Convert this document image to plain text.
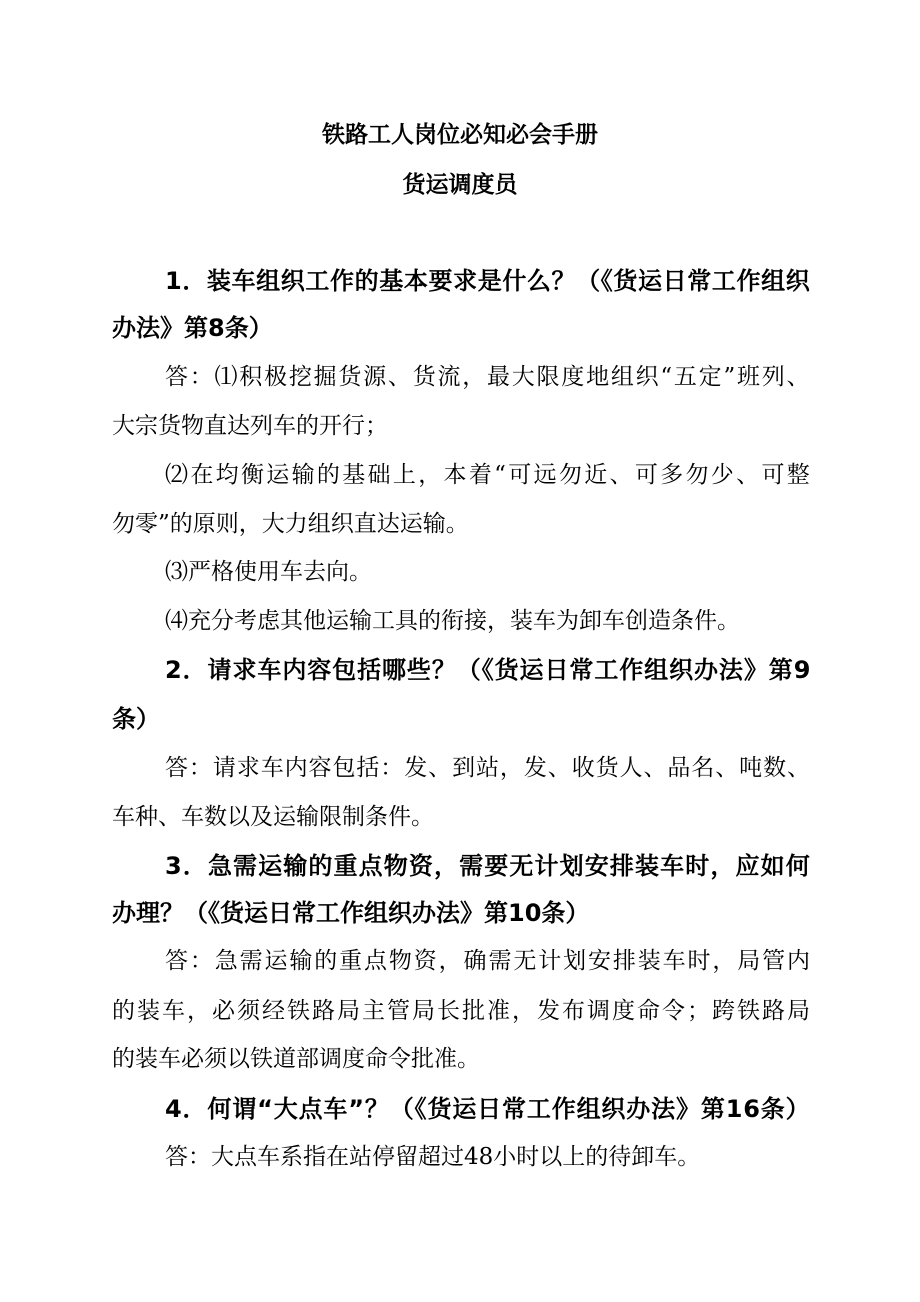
铁路工人岗位必知必会手册
货运调度员
1．装车组织工作的基本要求是什么？（《货运日常工作组织
办法》第8条）
答：⑴积极挖掘货源、货流，最大限度地组织“五定”班列、
大宗货物直达列车的开行；
⑵在均衡运输的基础上，本着“可远勿近、可多勿少、可整
勿零”的原则，大力组织直达运输。
⑶严格使用车去向。
⑷充分考虑其他运输工具的衔接，装车为卸车创造条件。
2．请求车内容包括哪些？（《货运日常工作组织办法》第9
条）
答：请求车内容包括：发、到站，发、收货人、品名、吨数、
车种、车数以及运输限制条件。
3．急需运输的重点物资，需要无计划安排装车时，应如何
办理？（《货运日常工作组织办法》第10条）
答：急需运输的重点物资，确需无计划安排装车时，局管内
的装车，必须经铁路局主管局长批准，发布调度命令；跨铁路局
的装车必须以铁道部调度命令批准。
4．何谓“大点车”？（《货运日常工作组织办法》第16条）
答：大点车系指在站停留超过48小时以上的待卸车。
